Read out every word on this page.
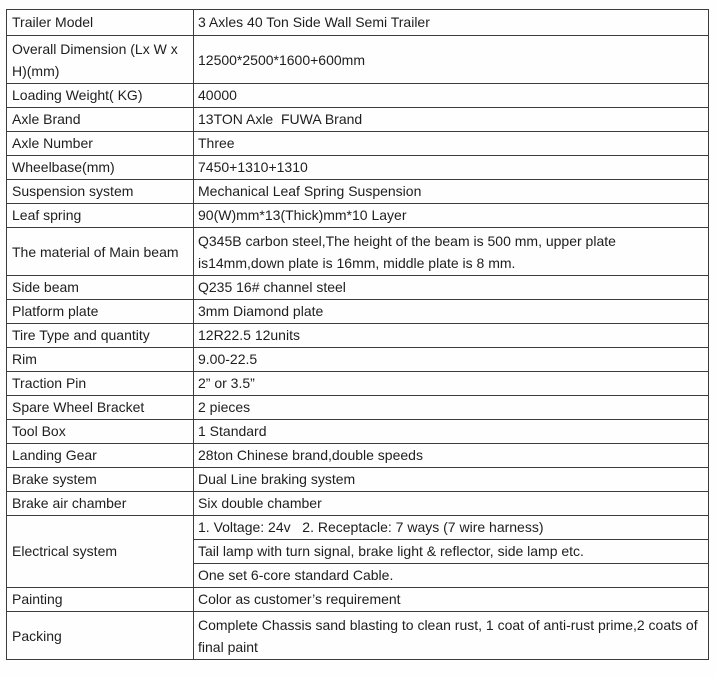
Trailer Model	3 Axles 40 Ton Side Wall Semi Trailer
Overall Dimension (Lx W x H)(mm)	12500*2500*1600+600mm
Loading Weight( KG)	40000
Axle Brand	13TON Axle  FUWA Brand
Axle Number	Three
Wheelbase(mm)	7450+1310+1310
Suspension system	Mechanical Leaf Spring Suspension
Leaf spring	90(W)mm*13(Thick)mm*10 Layer
The material of Main beam	Q345B carbon steel,The height of the beam is 500 mm, upper plate is14mm,down plate is 16mm, middle plate is 8 mm.
Side beam	Q235 16# channel steel
Platform plate	3mm Diamond plate
Tire Type and quantity	12R22.5 12units
Rim	9.00-22.5
Traction Pin	2” or 3.5”
Spare Wheel Bracket	2 pieces
Tool Box	1 Standard
Landing Gear	28ton Chinese brand,double speeds
Brake system	Dual Line braking system
Brake air chamber	Six double chamber
Electrical system	1. Voltage: 24v   2. Receptacle: 7 ways (7 wire harness)
	Tail lamp with turn signal, brake light & reflector, side lamp etc.
	One set 6-core standard Cable.
Painting	Color as customer’s requirement
Packing	Complete Chassis sand blasting to clean rust, 1 coat of anti-rust prime,2 coats of final paint
